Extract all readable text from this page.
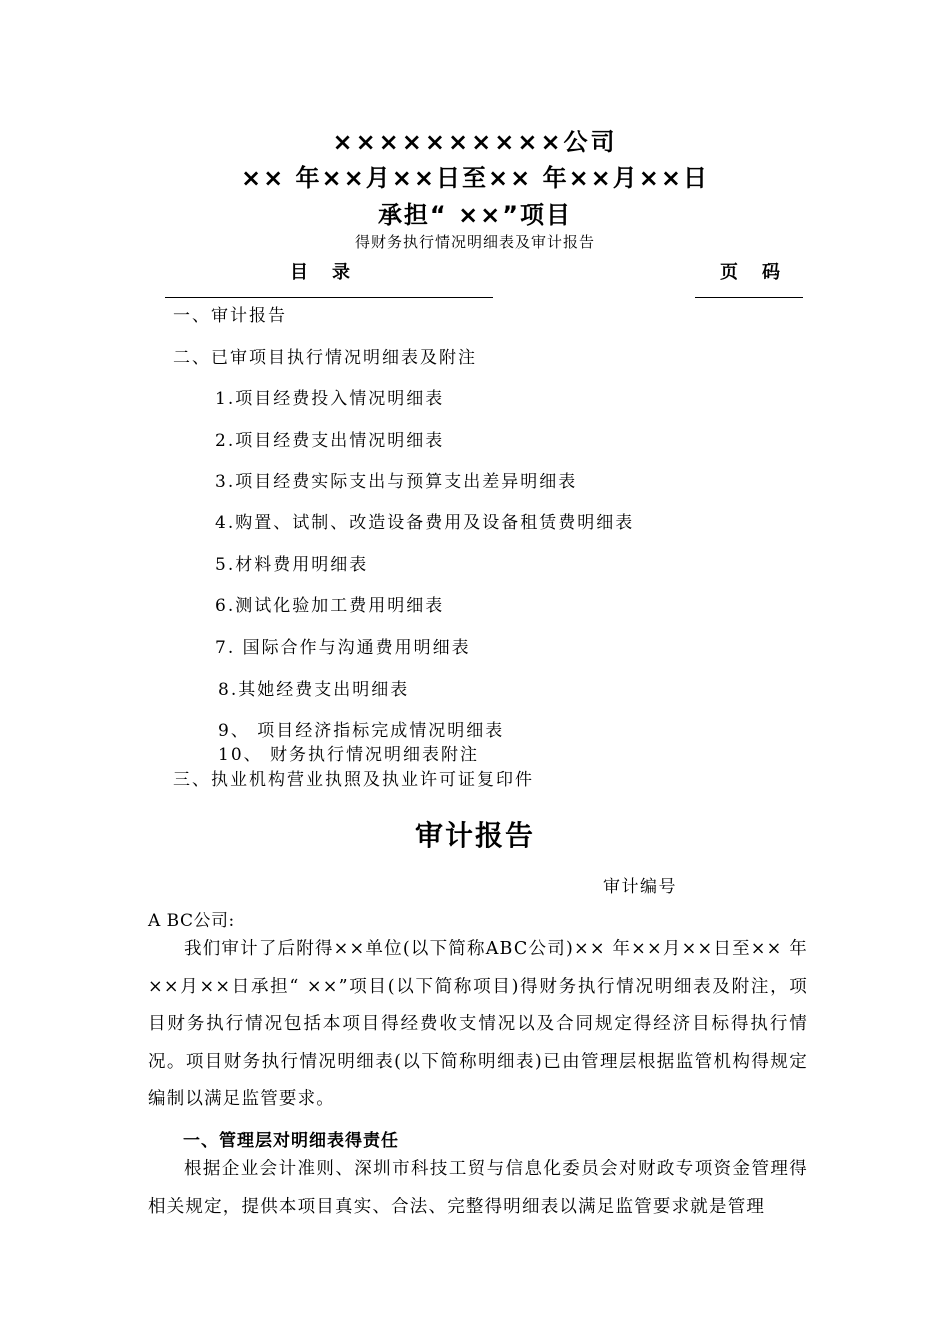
××××××××××公司
×× 年××月××日至×× 年××月××日
承担“ ××”项目
得财务执行情况明细表及审计报告
目录	页码
一、审计报告
二、已审项目执行情况明细表及附注
1.项目经费投入情况明细表
2.项目经费支出情况明细表
3.项目经费实际支出与预算支出差异明细表
4.购置、试制、改造设备费用及设备租赁费明细表
5.材料费用明细表
6.测试化验加工费用明细表
7. 国际合作与沟通费用明细表
8.其她经费支出明细表
9、 项目经济指标完成情况明细表
10、 财务执行情况明细表附注
三、执业机构营业执照及执业许可证复印件
审计报告
审计编号
A BC公司:

我们审计了后附得××单位(以下简称ABC公司)×× 年××月××日至×× 年××月××日承担“ ××”项目(以下简称项目)得财务执行情况明细表及附注，项目财务执行情况包括本项目得经费收支情况以及合同规定得经济目标得执行情况。项目财务执行情况明细表(以下简称明细表)已由管理层根据监管机构得规定编制以满足监管要求。

一、管理层对明细表得责任

根据企业会计准则、深圳市科技工贸与信息化委员会对财政专项资金管理得相关规定，提供本项目真实、合法、完整得明细表以满足监管要求就是管理
